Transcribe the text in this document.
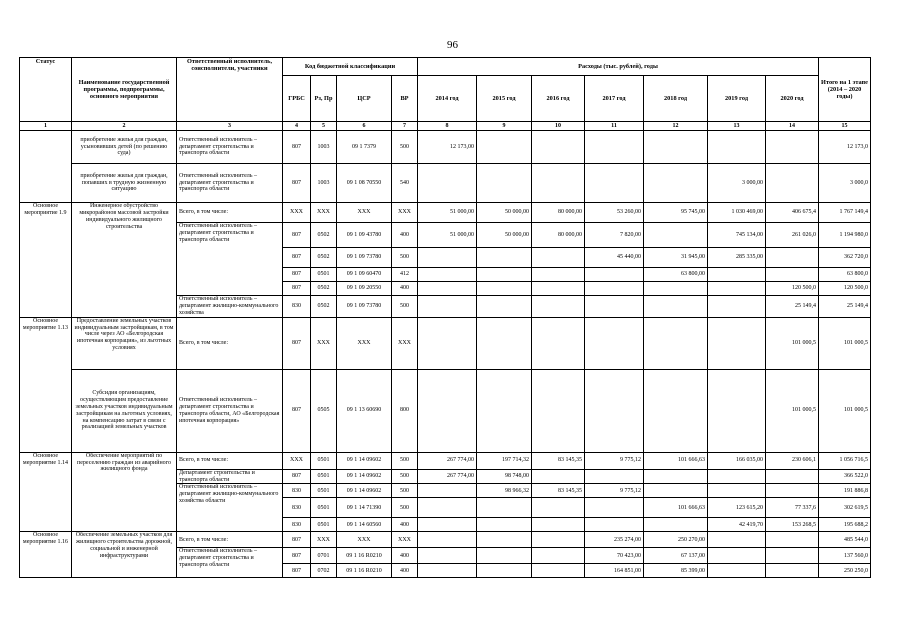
96
Статус	Наименование государственной программы, подпрограммы, основного мероприятия	Ответственный исполнитель, соисполнители, участники	Код бюджетной классификации				Расходы (тыс. рублей), годы							Итого на 1 этапе (2014 – 2020 годы)
			ГРБС	Рз, Пр	ЦСР	ВР	2014 год	2015 год	2016 год	2017 год	2018 год	2019 год	2020 год	
1	2	3	4	5	6	7	8	9	10	11	12	13	14	15
	приобретение жилья для граждан, усыновивших детей (по решению суда)	Ответственный исполнитель – департамент строительства и транспорта области	807	1003	09 1 7379	500	12 173,00							12 173,0
	приобретение жилья для граждан, попавших в трудную жизненную ситуацию	Ответственный исполнитель – департамент строительства и транспорта области	807	1003	09 1 08 70550	540						3 000,00		3 000,0
Основное мероприятие 1.9	Инженерное обустройство микрорайонов массовой застройки индивидуального жилищного строительства	Всего, в том числе:	ХХХ	ХХХ	ХХХ	ХХХ	51 000,00	50 000,00	80 000,00	53 260,00	95 745,00	1 030 469,00	406 675,4	1 767 149,4
		Ответственный исполнитель – департамент строительства и транспорта области	807	0502	09 1 09 43780	400	51 000,00	50 000,00	80 000,00	7 820,00		745 134,00	261 026,0	1 194 980,0
			807	0502	09 1 09 73780	500				45 440,00	31 945,00	285 335,00		362 720,0
			807	0501	09 1 09 60470	412					63 800,00			63 800,0
			807	0502	09 1 09 20550	400							120 500,0	120 500,0
		Ответственный исполнитель – департамент жилищно-коммунального хозяйства	830	0502	09 1 09 73780	500							25 149,4	25 149,4
Основное мероприятие 1.13	Предоставление земельных участков индивидуальным застройщикам, в том числе через АО «Белгородская ипотечная корпорация», из льготных условиях	Всего, в том числе:	807	ХХХ	ХХХ	ХХХ							101 000,5	101 000,5
	Субсидия организациям, осуществляющим предоставление земельных участков индивидуальным застройщикам на льготных условиях, на компенсацию затрат в связи с реализацией земельных участков	Ответственный исполнитель – департамент строительства и транспорта области, АО «Белгородская ипотечная корпорация»	807	0505	09 1 13 60690	800							101 000,5	101 000,5
Основное мероприятие 1.14	Обеспечение мероприятий по переселению граждан из аварийного жилищного фонда	Всего, в том числе:	ХХХ	0501	09 1 14 09602	500	267 774,00	197 714,32	83 145,35	9 775,12	101 666,63	166 035,00	230 606,1	1 056 716,5
		Департамент строительства и транспорта области	807	0501	09 1 14 09602	500	267 774,00	98 748,00						366 522,0
		Ответственный исполнитель – департамент жилищно-коммунального хозяйства области	830	0501	09 1 14 09602	500		98 966,32	83 145,35	9 775,12				191 886,8
			830	0501	09 1 14 71390	500					101 666,63	123 615,20	77 337,6	302 619,5
			830	0501	09 1 14 60560	400						42 419,70	153 268,5	195 688,2
Основное мероприятие 1.16	Обеспечение земельных участков для жилищного строительства дорожной, социальной и инженерной инфраструктурами	Всего, в том числе:	807	ХХХ	ХХХ	ХХХ				235 274,00	250 270,00			485 544,0
		Ответственный исполнитель – департамент строительства и транспорта области	807	0701	09 1 16 R0210	400				70 423,00	67 137,00			137 560,0
			807	0702	09 1 16 R0210	400				164 851,00	85 399,00			250 250,0
